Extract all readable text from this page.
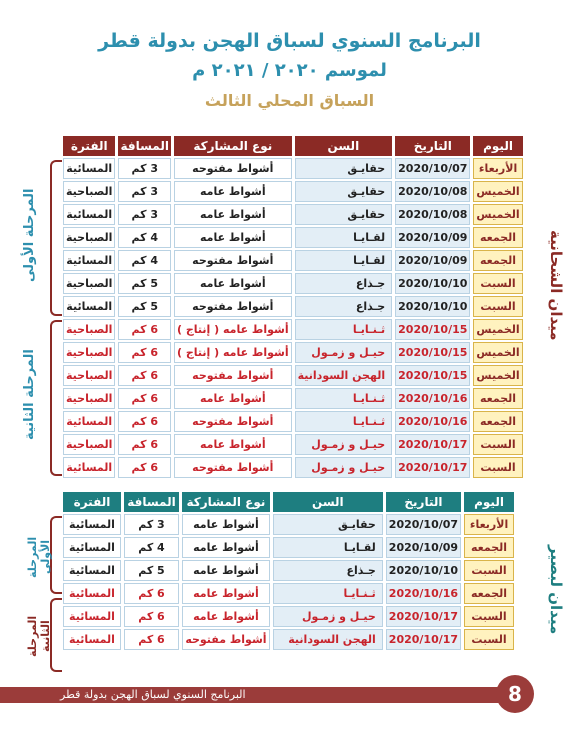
البرنامج السنوي لسباق الهجن بدولة قطر
لموسم ٢٠٢٠ / ٢٠٢١ م
السباق المحلي الثالث
اليوم	التاريخ	السن	نوع المشاركة	المسافة	الفترة
الأربعاء	2020/10/07	حقايـق	أشواط مفتوحه	3 كم	المسائية
الخميس	2020/10/08	حقايـق	أشواط عامه	3 كم	الصباحية
الخميس	2020/10/08	حقايـق	أشواط عامه	3 كم	المسائية
الجمعه	2020/10/09	لقـايـا	أشواط عامه	4 كم	الصباحية
الجمعه	2020/10/09	لقـايـا	أشواط مفتوحه	4 كم	المسائية
السبت	2020/10/10	جـذاع	أشواط عامه	5 كم	الصباحية
السبت	2020/10/10	جـذاع	أشواط مفتوحه	5 كم	المسائية
الخميس	2020/10/15	ثـنـايـا	أشواط عامه ( إنتاج )	6 كم	الصباحية
الخميس	2020/10/15	حيـل و زمـول	أشواط عامه ( إنتاج )	6 كم	الصباحية
الخميس	2020/10/15	الهجن السودانية	أشواط مفتوحه	6 كم	الصباحية
الجمعه	2020/10/16	ثـنـايـا	أشواط عامه	6 كم	الصباحية
الجمعه	2020/10/16	ثـنـايـا	أشواط مفتوحه	6 كم	المسائية
السبت	2020/10/17	حيـل و زمـول	أشواط عامه	6 كم	الصباحية
السبت	2020/10/17	حيـل و زمـول	أشواط مفتوحه	6 كم	المسائية
ميدان الشحانية
المرحلة الأولى
المرحلة الثانية
اليوم	التاريخ	السن	نوع المشاركة	المسافة	الفترة
الأربعاء	2020/10/07	حقايـق	أشواط عامه	3 كم	المسائية
الجمعه	2020/10/09	لقـايـا	أشواط عامه	4 كم	المسائية
السبت	2020/10/10	جـذاع	أشواط عامه	5 كم	المسائية
الجمعه	2020/10/16	ثـنـايـا	أشواط عامه	6 كم	المسائية
السبت	2020/10/17	حيـل و زمـول	أشواط عامه	6 كم	المسائية
السبت	2020/10/17	الهجن السودانية	أشواط مفتوحه	6 كم	المسائية
ميدان لبصير
المرحلة الأولى
المرحلة الثانية
البرنامج السنوي لسباق الهجن بدولة قطر	8
